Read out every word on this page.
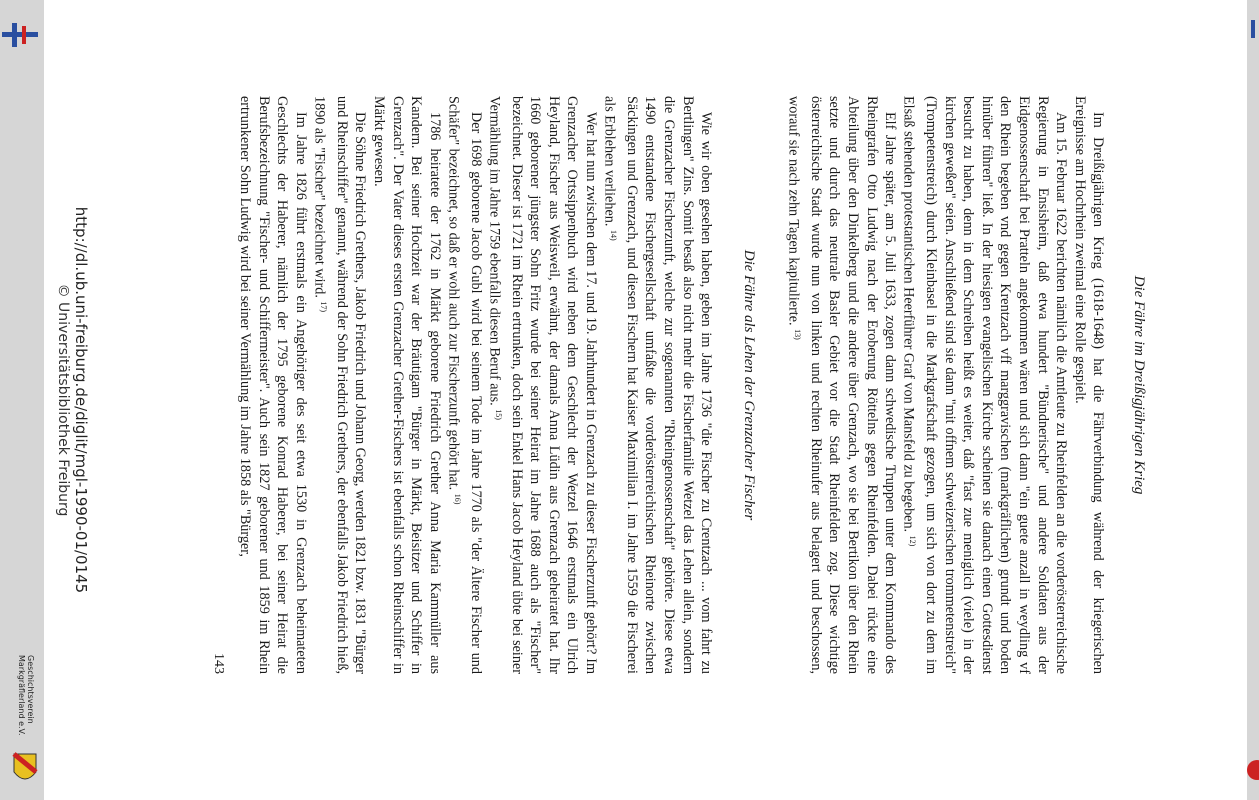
http://dl.ub.uni-freiburg.de/diglit/mgl-1990-01/0145
© Universitätsbibliothek Freiburg
Geschichtsverein
Markgräflerland e.V.
Die Fähre im Dreißigjährigen Krieg

Im Dreißigjährigen Krieg (1618-1648) hat die Fährverbindung während der kriegerischen Ereignisse am Hochrhein zweimal eine Rolle gespielt.

Am 15. Februar 1622 berichten nämlich die Amtleute zu Rheinfelden an die vorderösterreichische Regierung in Ensisheim, daß etwa hundert "Bündnerische" und andere Soldaten aus der Eidgenossenschaft bei Pratteln angekommen wären und sich dann "ein guete anzall in weydling vf den Rhein begeben vnd gegen Krentzach vff marggravischen (markgräflichen) grundt und boden hinüber führen" ließ. In der hiesigen evangelischen Kirche scheinen sie danach einen Gottesdienst besucht zu haben, denn in dem Schreiben heißt es weiter, daß "fast zue meniglich (viele) in der kirchen geweßen" seien. Anschließend sind sie dann "mit offnem schweizerischen trommetenstreich" (Trompetenstreich) durch Kleinbasel in die Markgrafschaft gezogen, um sich von dort zu dem im Elsaß stehenden protestantischen Heerführer Graf von Mansfeld zu begeben. $^{12)}$

Elf Jahre später, am 5. Juli 1633, zogen dann schwedische Truppen unter dem Kommando des Rheingrafen Otto Ludwig nach der Eroberung Röttelns gegen Rheinfelden. Dabei rückte eine Abteilung über den Dinkelberg und die andere über Grenzach, wo sie bei Bertikon über den Rhein setzte und durch das neutrale Basler Gebiet vor die Stadt Rheinfelden zog. Diese wichtige österreichische Stadt wurde nun von linken und rechten Rheinufer aus belagert und beschossen, worauf sie nach zehn Tagen kapitulierte. $^{13)}$

Die Fähre als Lehen der Grenzacher Fischer

Wie wir oben gesehen haben, geben im Jahre 1736 "die Fischer zu Crentzach ... vom fahrt zu Bertlingen" Zins. Somit besaß also nicht mehr die Fischerfamilie Wetzel das Lehen allein, sondern die Grenzacher Fischerzunft, welche zur sogenannten "Rheingenossenschaft" gehörte. Diese etwa 1490 entstandene Fischergesellschaft umfaßte die vorderösterreichischen Rheinorte zwischen Säckingen und Grenzach, und diesen Fischern hat Kaiser Maximilian I. im Jahre 1559 die Fischerei als Erblehen verliehen. $^{14)}$

Wer hat nun zwischen dem 17. und 19. Jahrhundert in Grenzach zu dieser Fischerzunft gehört? Im Grenzacher Ortssippenbuch wird neben dem Geschlecht der Wetzel 1646 erstmals ein Ulrich Heyland, Fischer aus Weisweil, erwähnt, der damals Anna Lüdin aus Grenzach geheiratet hat. Ihr 1660 geborener jüngster Sohn Fritz wurde bei seiner Heirat im Jahre 1688 auch als "Fischer" bezeichnet. Dieser ist 1721 im Rhein ertrunken, doch sein Enkel Hans Jacob Heyland übte bei seiner Vermählung im Jahre 1759 ebenfalls diesen Beruf aus. $^{15)}$

Der 1698 geborene Jacob Gubl wird bei seinem Tode im Jahre 1770 als "der Ältere Fischer und Schäfer" bezeichnet, so daß er wohl auch zur Fischerzunft gehört hat. $^{16)}$

1786 heiratete der 1762 in Märkt geborene Friedrich Grether Anna Maria Kammüller aus Kandern. Bei seiner Hochzeit war der Bräutigam "Bürger in Märkt, Beisitzer und Schiffer in Grenzach". Der Vater dieses ersten Grenzacher Grether-Fischers ist ebenfalls schon Rheinschiffer in Märkt gewesen.

Die Söhne Friedrich Grethers, Jakob Friedrich und Johann Georg, werden 1821 bzw. 1831 "Bürger und Rheinschiffer" genannt, während der Sohn Friedrich Grethers, der ebenfalls Jakob Friedrich hieß, 1890 als "Fischer" bezeichnet wird. $^{17)}$

Im Jahre 1826 führt erstmals ein Angehöriger des seit etwa 1530 in Grenzach beheimateten Geschlechts der Haberer, nämlich der 1795 geborene Konrad Haberer, bei seiner Heirat die Berufsbezeichnung "Fischer- und Schiffermeister". Auch sein 1827 geborener und 1859 im Rhein ertrunkener Sohn Ludwig wird bei seiner Vermählung im Jahre 1858 als "Bürger,

143
